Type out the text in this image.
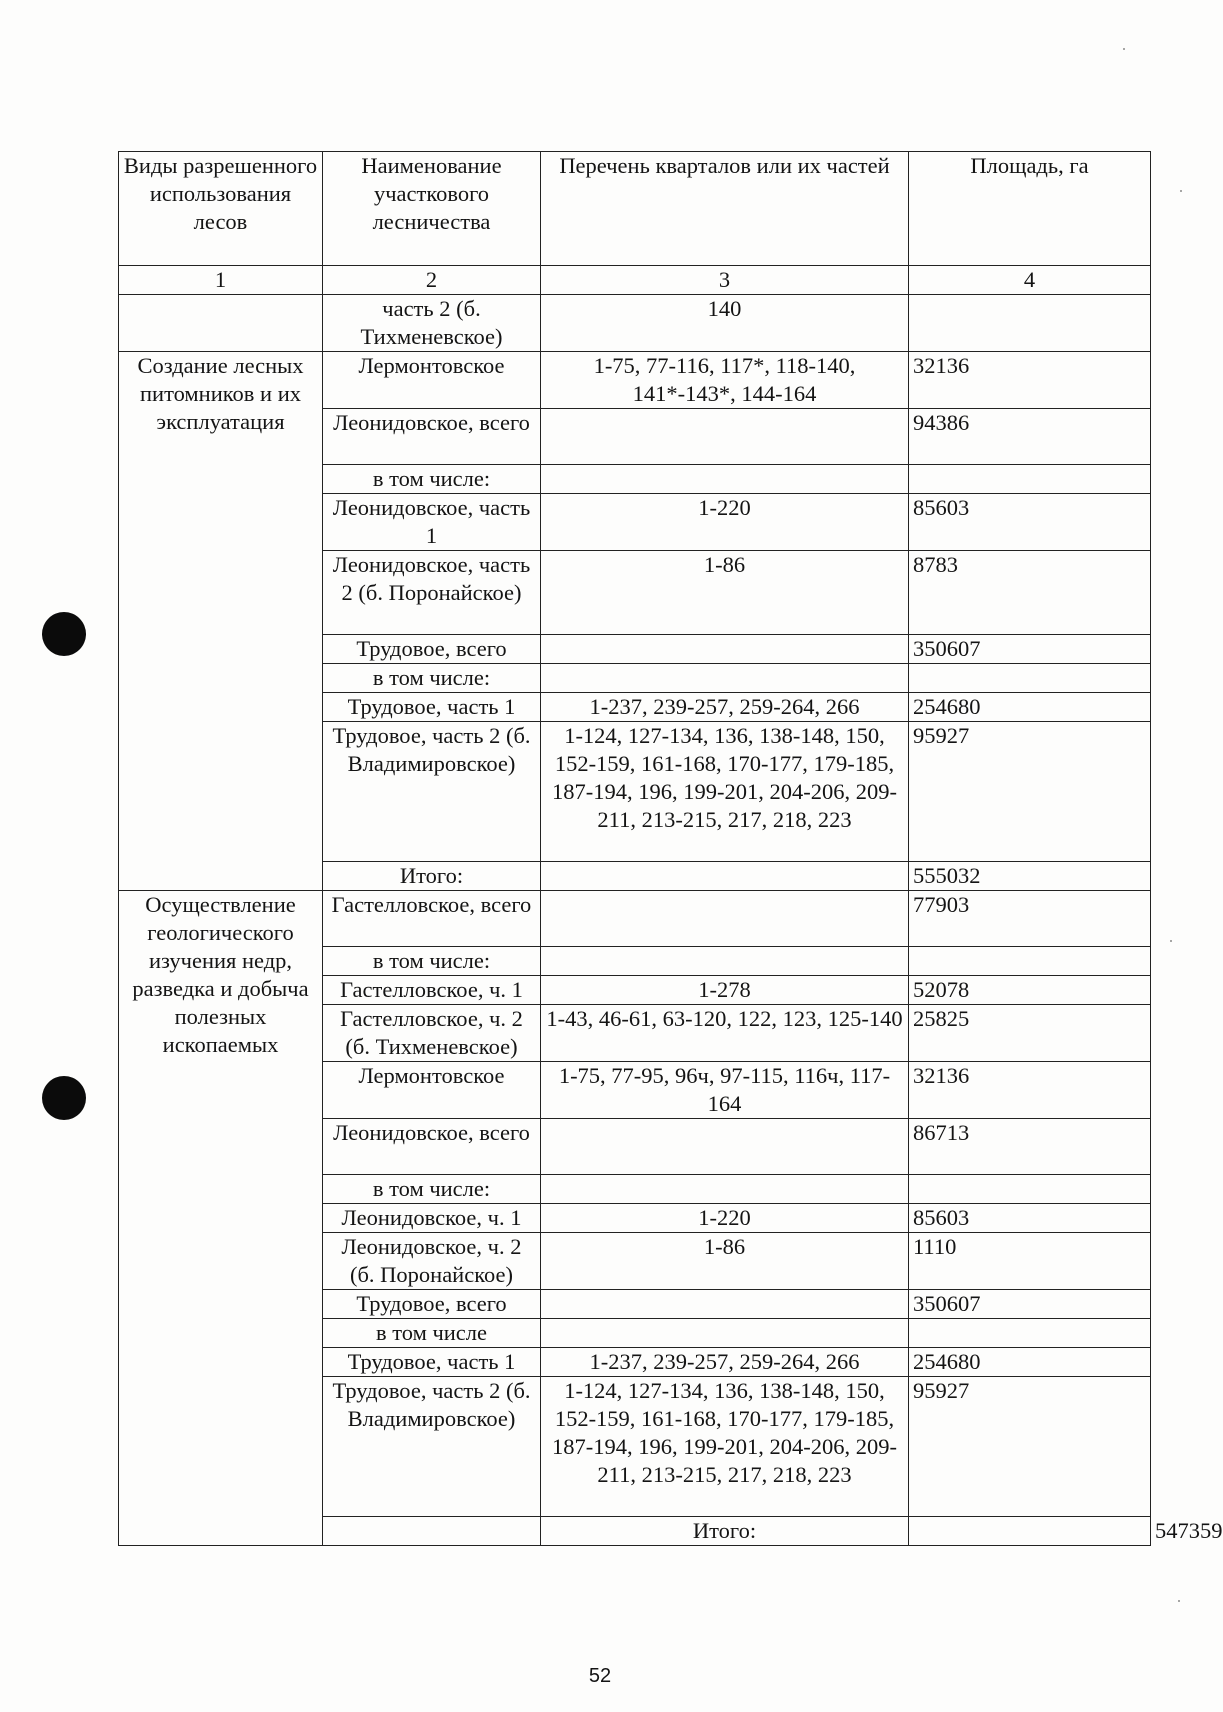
Виды разрешенного использования лесов	Наименование участкового лесничества	Перечень кварталов или их частей	Площадь, га	
1	2	3	4	
	часть 2 (б. Тихменевское)	140		
Создание лесных питомников и их эксплуатация	Лермонтовское	1-75, 77-116, 117*, 118-140, 141*-143*, 144-164	32136	
	Леонидовское, всего		94386	
	в том числе:			
	Леонидовское, часть 1	1-220	85603	
	Леонидовское, часть 2 (б. Поронайское)	1-86	8783	
	Трудовое, всего		350607	
	в том числе:			
	Трудовое, часть 1	1-237, 239-257, 259-264, 266	254680	
	Трудовое, часть 2 (б. Владимировское)	1-124, 127-134, 136, 138-148, 150, 152-159, 161-168, 170-177, 179-185, 187-194, 196, 199-201, 204-206, 209-211, 213-215, 217, 218, 223	95927	
	Итого:		555032	
Осуществление геологического изучения недр, разведка и добыча полезных ископаемых	Гастелловское, всего		77903	
	в том числе:			
	Гастелловское, ч. 1	1-278	52078	
	Гастелловское, ч. 2 (б. Тихменевское)	1-43, 46-61, 63-120, 122, 123, 125-140	25825	
	Лермонтовское	1-75, 77-95, 96ч, 97-115, 116ч, 117-164	32136	
	Леонидовское, всего		86713	
	в том числе:			
	Леонидовское, ч. 1	1-220	85603	
	Леонидовское, ч. 2 (б. Поронайское)	1-86	1110	
	Трудовое, всего		350607	
	в том числе			
	Трудовое, часть 1	1-237, 239-257, 259-264, 266	254680	
	Трудовое, часть 2 (б. Владимировское)	1-124, 127-134, 136, 138-148, 150, 152-159, 161-168, 170-177, 179-185, 187-194, 196, 199-201, 204-206, 209-211, 213-215, 217, 218, 223	95927	
		Итого:		547359
52
